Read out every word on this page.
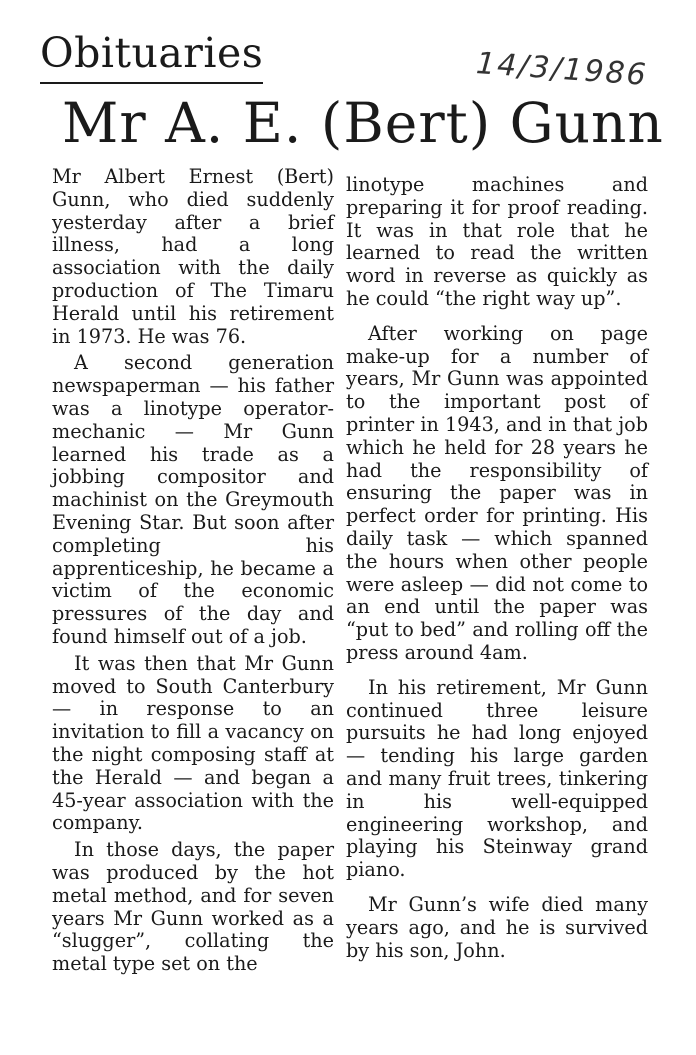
Obituaries	14/3/1986
Mr A. E. (Bert) Gunn

Mr Albert Ernest (Bert) Gunn, who died suddenly yesterday after a brief illness, had a long association with the daily production of The Timaru Herald until his retirement in 1973. He was 76.

A second generation newspaperman — his father was a linotype operator-mechanic — Mr Gunn learned his trade as a jobbing compositor and machinist on the Greymouth Evening Star. But soon after completing his apprenticeship, he became a victim of the economic pressures of the day and found himself out of a job.

It was then that Mr Gunn moved to South Canterbury — in response to an invitation to fill a vacancy on the night composing staff at the Herald — and began a 45-year association with the company.

In those days, the paper was produced by the hot metal method, and for seven years Mr Gunn worked as a “slugger”, collating the metal type set on the

linotype machines and preparing it for proof reading. It was in that role that he learned to read the written word in reverse as quickly as he could “the right way up”.

After working on page make-up for a number of years, Mr Gunn was appointed to the important post of printer in 1943, and in that job which he held for 28 years he had the responsibility of ensuring the paper was in perfect order for printing. His daily task — which spanned the hours when other people were asleep — did not come to an end until the paper was “put to bed” and rolling off the press around 4am.

In his retirement, Mr Gunn continued three leisure pursuits he had long enjoyed — tending his large garden and many fruit trees, tinkering in his well-equipped engineering workshop, and playing his Steinway grand piano.

Mr Gunn’s wife died many years ago, and he is survived by his son, John.
